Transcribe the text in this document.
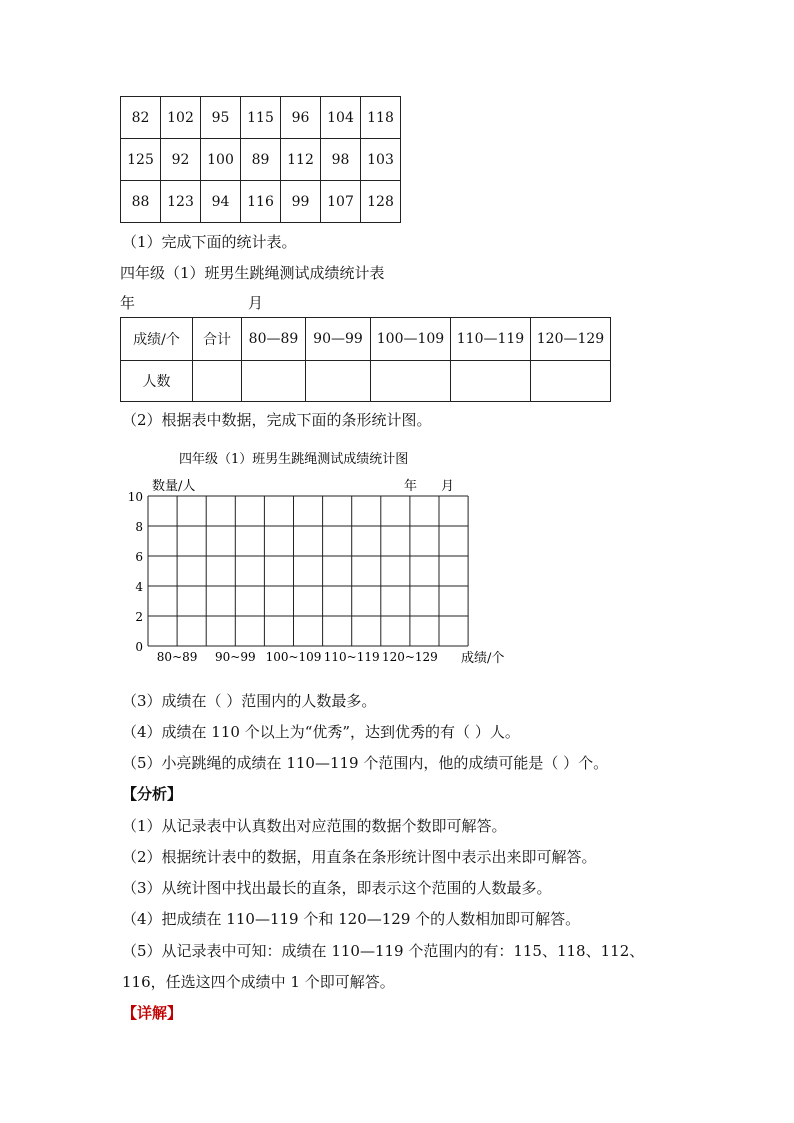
82	102	95	115	96	104	118
125	92	100	89	112	98	103
88	123	94	116	99	107	128
（1）完成下面的统计表。
四年级（1）班男生跳绳测试成绩统计表
年	月
成绩/个	合计	80—89	90—99	100—109	110—119	120—129
人数						
（2）根据表中数据，完成下面的条形统计图。
四年级（1）班男生跳绳测试成绩统计图
数量/人	年 月
0
2
4
6
8
10
80~89 90~99 100~109 110~119 120~129 成绩/个
（3）成绩在（ ）范围内的人数最多。
（4）成绩在 110 个以上为“优秀”，达到优秀的有（ ）人。
（5）小亮跳绳的成绩在 110—119 个范围内，他的成绩可能是（ ）个。
【分析】
（1）从记录表中认真数出对应范围的数据个数即可解答。
（2）根据统计表中的数据，用直条在条形统计图中表示出来即可解答。
（3）从统计图中找出最长的直条，即表示这个范围的人数最多。
（4）把成绩在 110—119 个和 120—129 个的人数相加即可解答。
（5）从记录表中可知：成绩在 110—119 个范围内的有：115、118、112、
116，任选这四个成绩中 1 个即可解答。
【详解】
